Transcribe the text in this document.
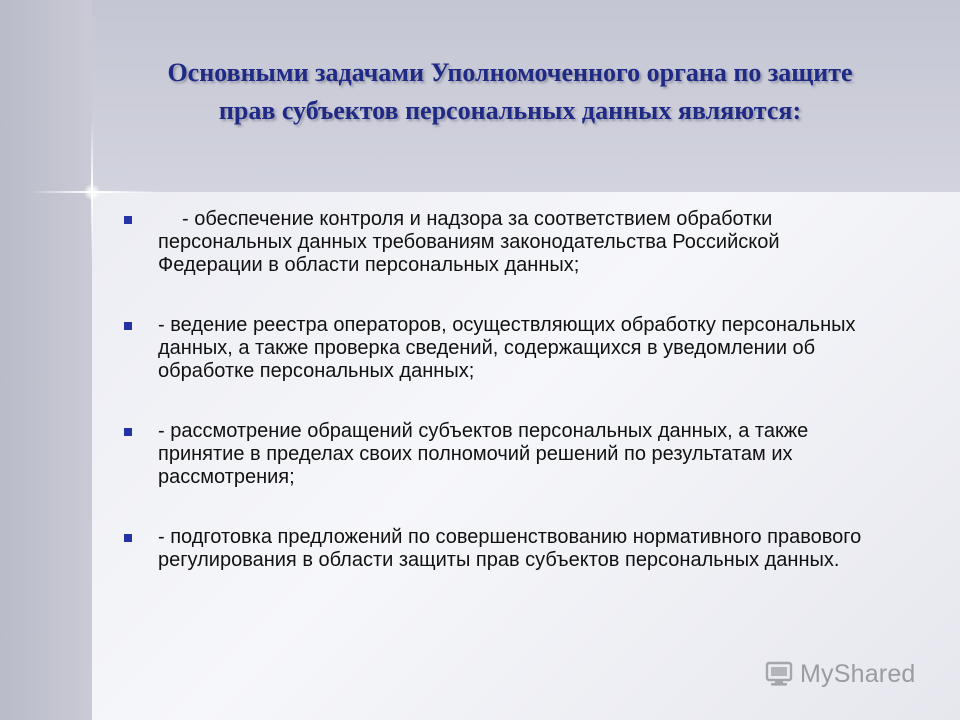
Основными задачами Уполномоченного органа по защите прав субъектов персональных данных являются:
- обеспечение контроля и надзора за соответствием обработки персональных данных требованиям законодательства Российской Федерации в области персональных данных;
- ведение реестра операторов, осуществляющих обработку персональных данных, а также проверка сведений, содержащихся в уведомлении об обработке персональных данных;
- рассмотрение обращений субъектов персональных данных, а также принятие в пределах своих полномочий решений по результатам их рассмотрения;
- подготовка предложений по совершенствованию нормативного правового регулирования в области защиты прав субъектов персональных данных.
MyShared
